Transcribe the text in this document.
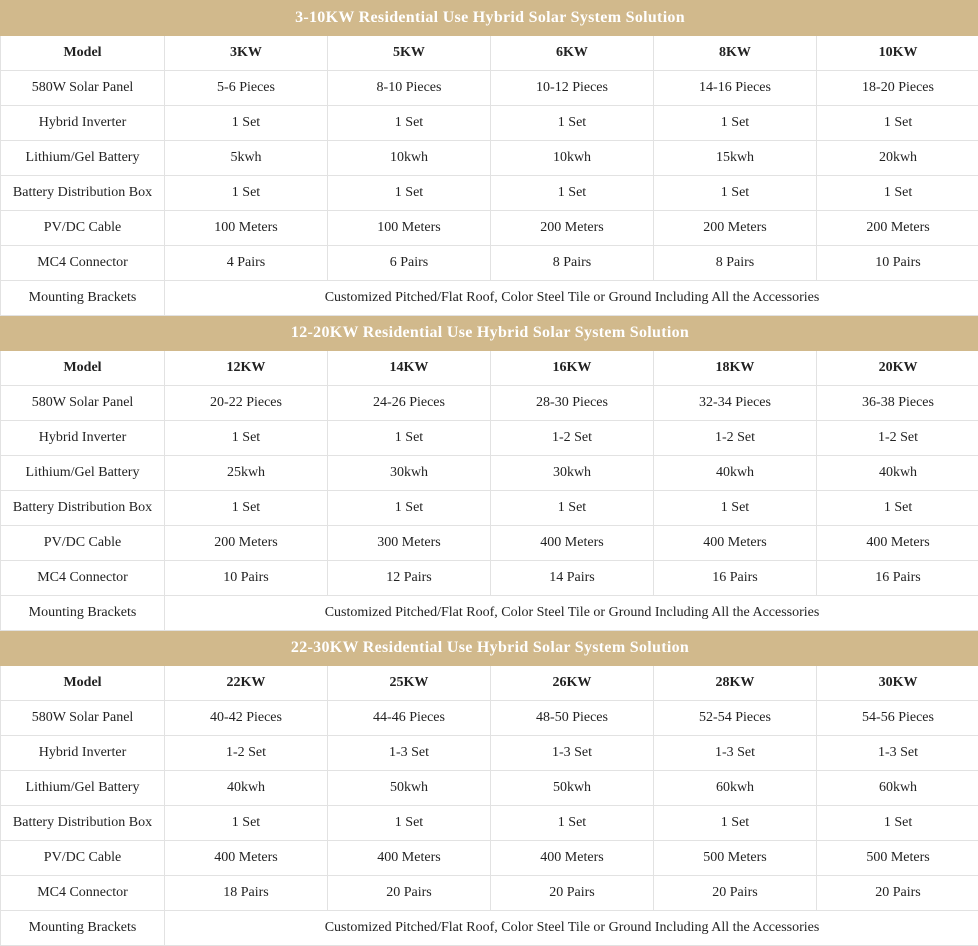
3-10KW Residential Use Hybrid Solar System Solution					
Model	3KW	5KW	6KW	8KW	10KW
580W Solar Panel	5-6 Pieces	8-10 Pieces	10-12 Pieces	14-16 Pieces	18-20 Pieces
Hybrid Inverter	1 Set	1 Set	1 Set	1 Set	1 Set
Lithium/Gel Battery	5kwh	10kwh	10kwh	15kwh	20kwh
Battery Distribution Box	1 Set	1 Set	1 Set	1 Set	1 Set
PV/DC Cable	100 Meters	100 Meters	200 Meters	200 Meters	200 Meters
MC4 Connector	4 Pairs	6 Pairs	8 Pairs	8 Pairs	10 Pairs
Mounting Brackets	Customized Pitched/Flat Roof, Color Steel Tile or Ground Including All the Accessories				
12-20KW Residential Use Hybrid Solar System Solution					
Model	12KW	14KW	16KW	18KW	20KW
580W Solar Panel	20-22 Pieces	24-26 Pieces	28-30 Pieces	32-34 Pieces	36-38 Pieces
Hybrid Inverter	1 Set	1 Set	1-2 Set	1-2 Set	1-2 Set
Lithium/Gel Battery	25kwh	30kwh	30kwh	40kwh	40kwh
Battery Distribution Box	1 Set	1 Set	1 Set	1 Set	1 Set
PV/DC Cable	200 Meters	300 Meters	400 Meters	400 Meters	400 Meters
MC4 Connector	10 Pairs	12 Pairs	14 Pairs	16 Pairs	16 Pairs
Mounting Brackets	Customized Pitched/Flat Roof, Color Steel Tile or Ground Including All the Accessories				
22-30KW Residential Use Hybrid Solar System Solution					
Model	22KW	25KW	26KW	28KW	30KW
580W Solar Panel	40-42 Pieces	44-46 Pieces	48-50 Pieces	52-54 Pieces	54-56 Pieces
Hybrid Inverter	1-2 Set	1-3 Set	1-3 Set	1-3 Set	1-3 Set
Lithium/Gel Battery	40kwh	50kwh	50kwh	60kwh	60kwh
Battery Distribution Box	1 Set	1 Set	1 Set	1 Set	1 Set
PV/DC Cable	400 Meters	400 Meters	400 Meters	500 Meters	500 Meters
MC4 Connector	18 Pairs	20 Pairs	20 Pairs	20 Pairs	20 Pairs
Mounting Brackets	Customized Pitched/Flat Roof, Color Steel Tile or Ground Including All the Accessories				
